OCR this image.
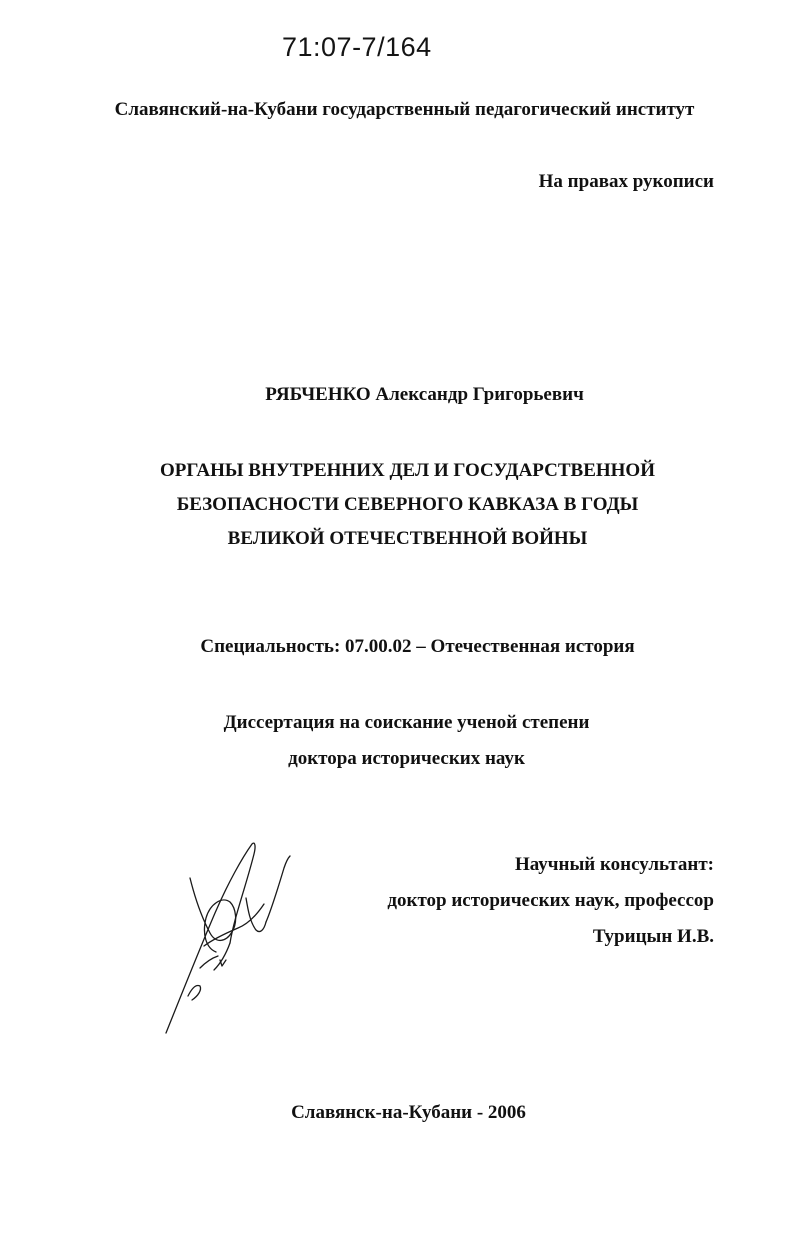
71:07-7/164
Славянский-на-Кубани государственный педагогический институт
На правах рукописи
РЯБЧЕНКО Александр Григорьевич
ОРГАНЫ ВНУТРЕННИХ ДЕЛ И ГОСУДАРСТВЕННОЙ
БЕЗОПАСНОСТИ СЕВЕРНОГО КАВКАЗА В ГОДЫ
ВЕЛИКОЙ ОТЕЧЕСТВЕННОЙ ВОЙНЫ
Специальность: 07.00.02 – Отечественная история
Диссертация на соискание ученой степени
доктора исторических наук
Научный консультант:
доктор исторических наук, профессор
Турицын И.В.
Славянск-на-Кубани - 2006
